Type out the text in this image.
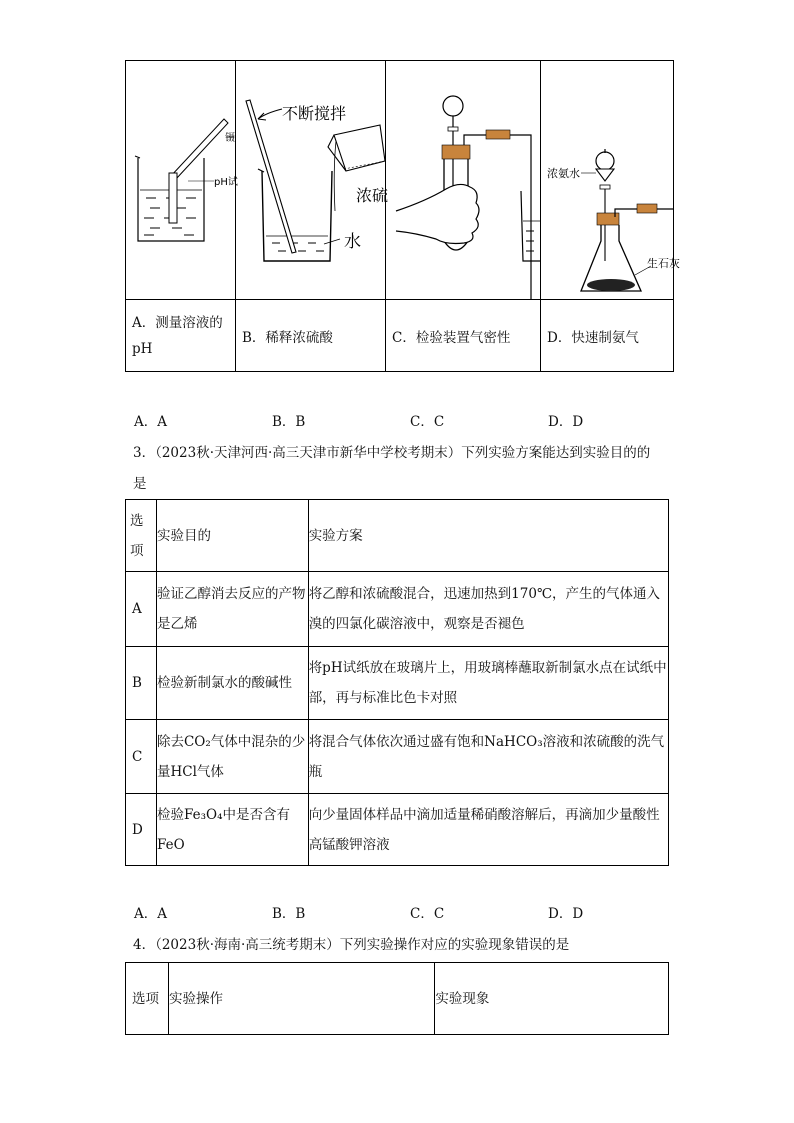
镊
pH试	不断搅拌
浓硫
水		浓氨水
生石灰

A．测量溶液的pH	B．稀释浓硫酸	C．检验装置气密性	D．快速制氨气
A．A	B．B	C．C	D．D
3．（2023秋·天津河西·高三天津市新华中学校考期末）下列实验方案能达到实验目的的
是
选项	实验目的	实验方案
A	验证乙醇消去反应的产物是乙烯	将乙醇和浓硫酸混合，迅速加热到170℃，产生的气体通入溴的四氯化碳溶液中，观察是否褪色
B	检验新制氯水的酸碱性	将pH试纸放在玻璃片上，用玻璃棒蘸取新制氯水点在试纸中部，再与标准比色卡对照
C	除去CO₂气体中混杂的少量HCl气体	将混合气体依次通过盛有饱和NaHCO₃溶液和浓硫酸的洗气瓶
D	检验Fe₃O₄中是否含有FeO	向少量固体样品中滴加适量稀硝酸溶解后，再滴加少量酸性高锰酸钾溶液
A．A	B．B	C．C	D．D
4．（2023秋·海南·高三统考期末）下列实验操作对应的实验现象错误的是
选项	实验操作	实验现象
